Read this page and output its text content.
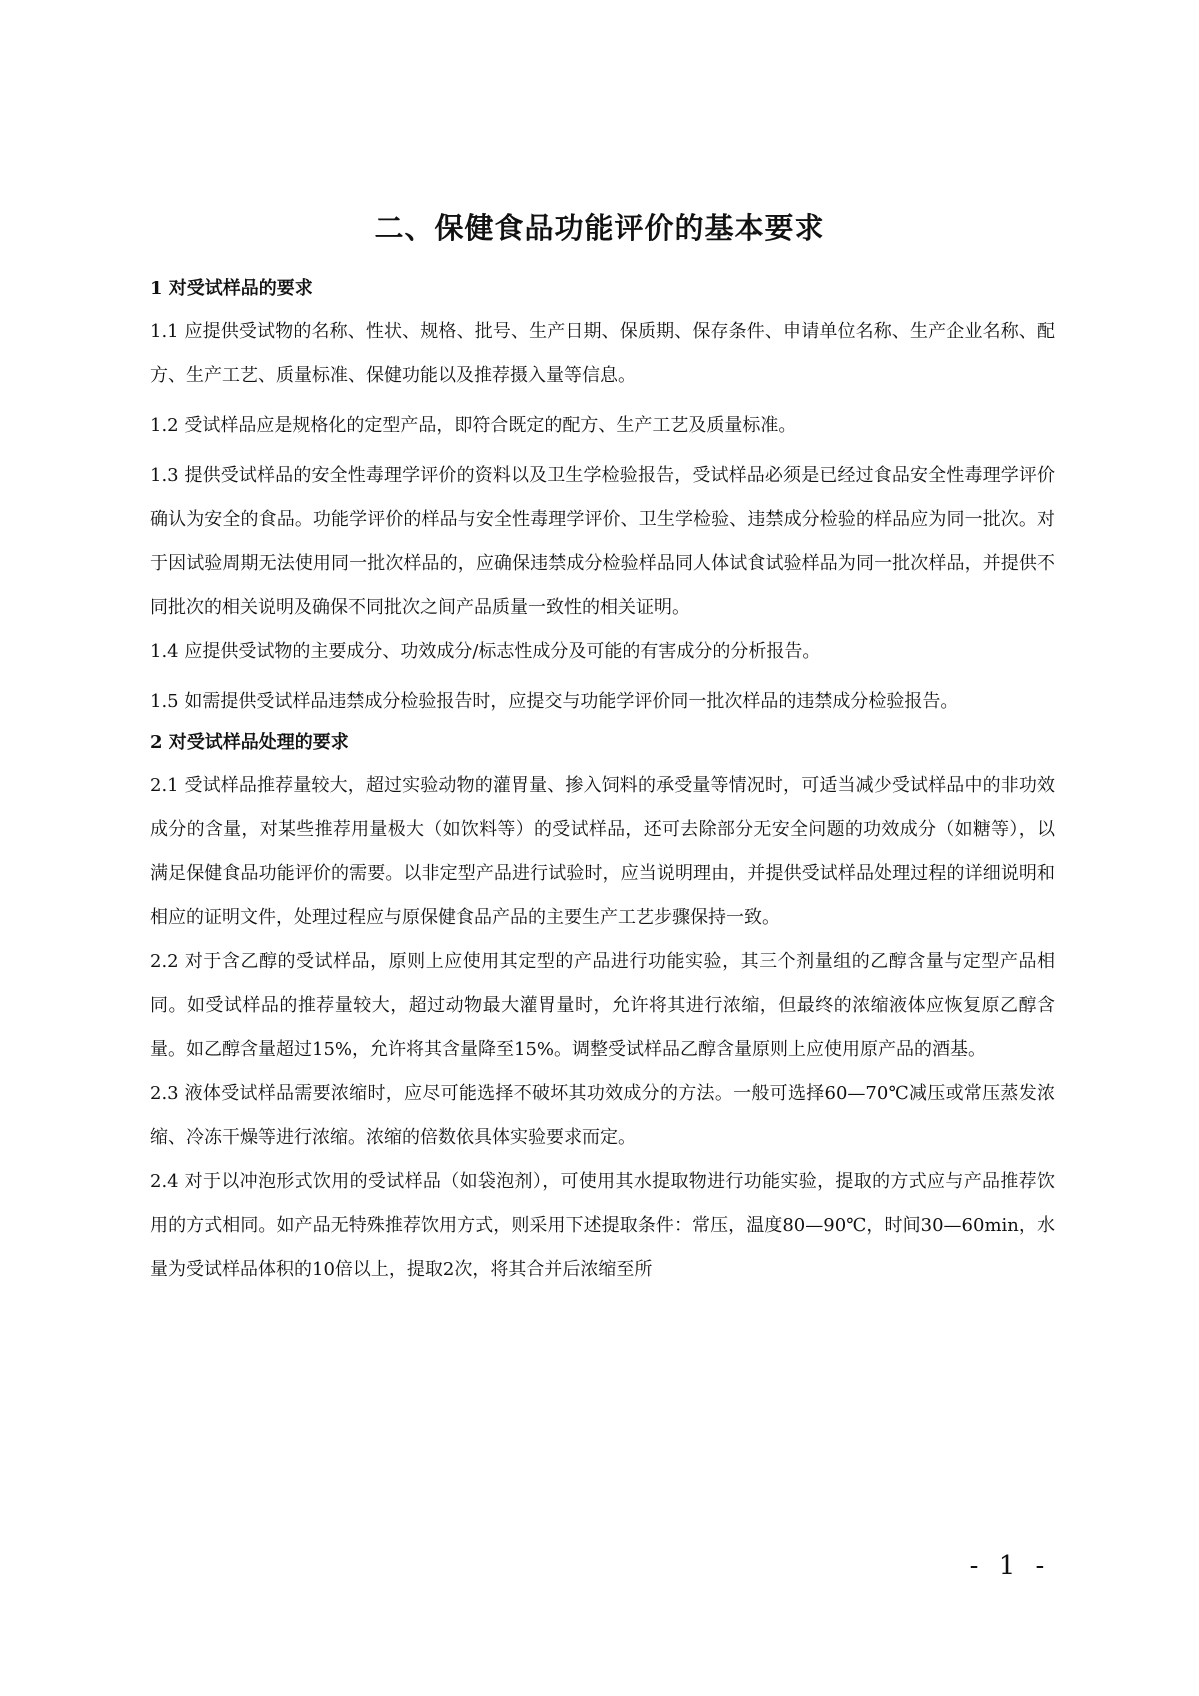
二、保健食品功能评价的基本要求
1 对受试样品的要求

1.1 应提供受试物的名称、性状、规格、批号、生产日期、保质期、保存条件、申请单位名称、生产企业名称、配方、生产工艺、质量标准、保健功能以及推荐摄入量等信息。

1.2 受试样品应是规格化的定型产品，即符合既定的配方、生产工艺及质量标准。

1.3 提供受试样品的安全性毒理学评价的资料以及卫生学检验报告，受试样品必须是已经过食品安全性毒理学评价确认为安全的食品。功能学评价的样品与安全性毒理学评价、卫生学检验、违禁成分检验的样品应为同一批次。对于因试验周期无法使用同一批次样品的，应确保违禁成分检验样品同人体试食试验样品为同一批次样品，并提供不同批次的相关说明及确保不同批次之间产品质量一致性的相关证明。

1.4 应提供受试物的主要成分、功效成分/标志性成分及可能的有害成分的分析报告。

1.5 如需提供受试样品违禁成分检验报告时，应提交与功能学评价同一批次样品的违禁成分检验报告。

2 对受试样品处理的要求

2.1 受试样品推荐量较大，超过实验动物的灌胃量、掺入饲料的承受量等情况时，可适当减少受试样品中的非功效成分的含量，对某些推荐用量极大（如饮料等）的受试样品，还可去除部分无安全问题的功效成分（如糖等），以满足保健食品功能评价的需要。以非定型产品进行试验时，应当说明理由，并提供受试样品处理过程的详细说明和相应的证明文件，处理过程应与原保健食品产品的主要生产工艺步骤保持一致。

2.2 对于含乙醇的受试样品，原则上应使用其定型的产品进行功能实验，其三个剂量组的乙醇含量与定型产品相同。如受试样品的推荐量较大，超过动物最大灌胃量时，允许将其进行浓缩，但最终的浓缩液体应恢复原乙醇含量。如乙醇含量超过15%，允许将其含量降至15%。调整受试样品乙醇含量原则上应使用原产品的酒基。

2.3 液体受试样品需要浓缩时，应尽可能选择不破坏其功效成分的方法。一般可选择60—70℃减压或常压蒸发浓缩、冷冻干燥等进行浓缩。浓缩的倍数依具体实验要求而定。

2.4 对于以冲泡形式饮用的受试样品（如袋泡剂），可使用其水提取物进行功能实验，提取的方式应与产品推荐饮用的方式相同。如产品无特殊推荐饮用方式，则采用下述提取条件：常压，温度80—90℃，时间30—60min，水量为受试样品体积的10倍以上，提取2次，将其合并后浓缩至所

- 1 -
